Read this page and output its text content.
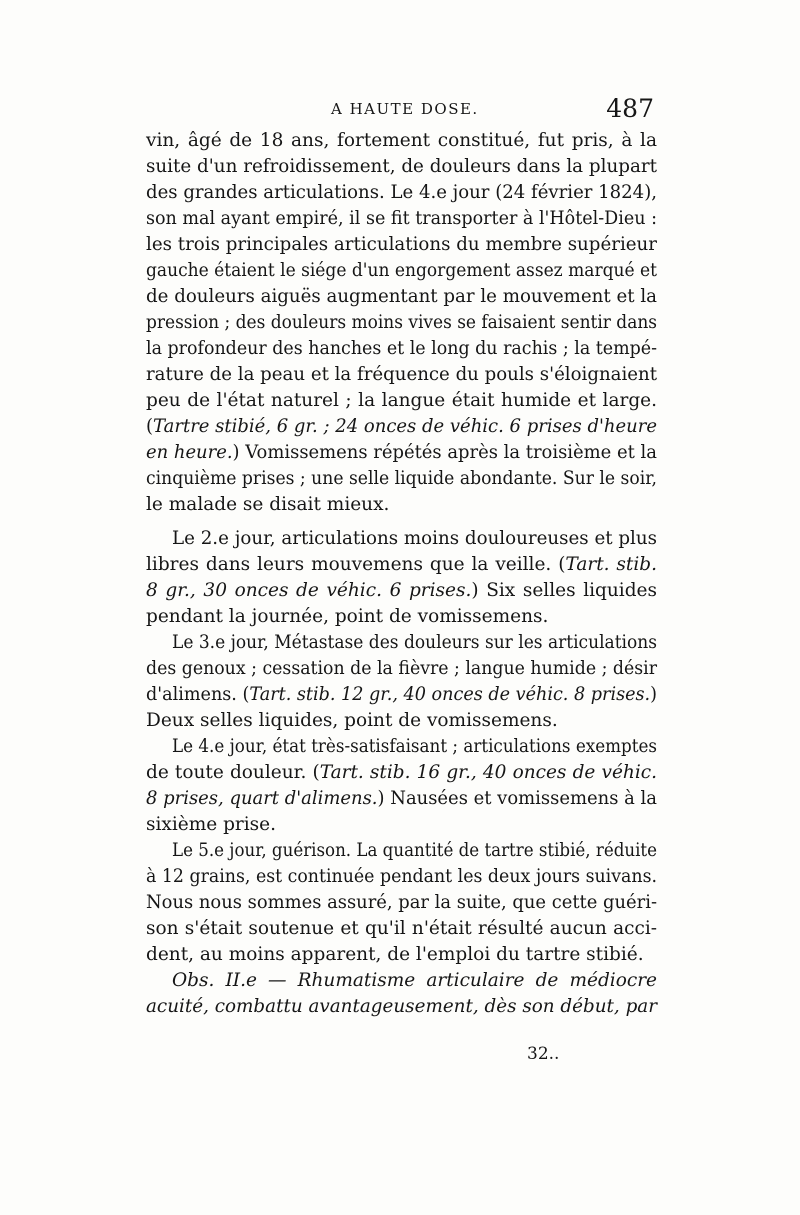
A HAUTE DOSE.	487
vin, âgé de 18 ans, fortement constitué, fut pris, à la
suite d'un refroidissement, de douleurs dans la plupart
des grandes articulations. Le 4.e jour (24 février 1824),
son mal ayant empiré, il se fit transporter à l'Hôtel-Dieu :
les trois principales articulations du membre supérieur
gauche étaient le siége d'un engorgement assez marqué et
de douleurs aiguës augmentant par le mouvement et la
pression ; des douleurs moins vives se faisaient sentir dans
la profondeur des hanches et le long du rachis ; la tempé-
rature de la peau et la fréquence du pouls s'éloignaient
peu de l'état naturel ; la langue était humide et large.
(Tartre stibié, 6 gr. ; 24 onces de véhic. 6 prises d'heure
en heure.) Vomissemens répétés après la troisième et la
cinquième prises ; une selle liquide abondante. Sur le soir,
le malade se disait mieux.
Le 2.e jour, articulations moins douloureuses et plus
libres dans leurs mouvemens que la veille. (Tart. stib.
8 gr., 30 onces de véhic. 6 prises.) Six selles liquides
pendant la journée, point de vomissemens.
Le 3.e jour, Métastase des douleurs sur les articulations
des genoux ; cessation de la fièvre ; langue humide ; désir
d'alimens. (Tart. stib. 12 gr., 40 onces de véhic. 8 prises.)
Deux selles liquides, point de vomissemens.
Le 4.e jour, état très-satisfaisant ; articulations exemptes
de toute douleur. (Tart. stib. 16 gr., 40 onces de véhic.
8 prises, quart d'alimens.) Nausées et vomissemens à la
sixième prise.
Le 5.e jour, guérison. La quantité de tartre stibié, réduite
à 12 grains, est continuée pendant les deux jours suivans.
Nous nous sommes assuré, par la suite, que cette guéri-
son s'était soutenue et qu'il n'était résulté aucun acci-
dent, au moins apparent, de l'emploi du tartre stibié.
Obs. II.e — Rhumatisme articulaire de médiocre
acuité, combattu avantageusement, dès son début, par
32..
